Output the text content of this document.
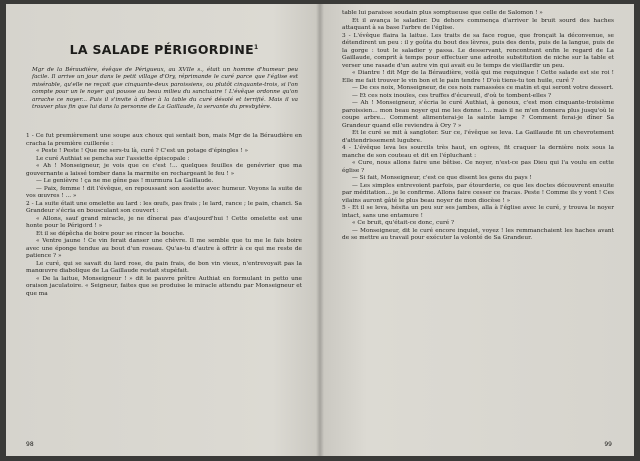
LA SALADE PÉRIGORDINE$^1$
Mgr de la Béraudière, évêque de Périgueux, au XVIIe s., était un homme d'humeur peu facile. Il arrive un jour dans le petit village d'Ory, réprimande le curé parce que l'église est misérable, qu'elle ne reçoit que cinquante-deux paroissiens, ou plutôt cinquante-trois, si l'on compte pour un le noyer qui pousse au beau milieu du sanctuaire ! L'évêque ordonne qu'on arrache ce noyer... Puis il s'invite à dîner à la table du curé désolé et terrifié. Mais il va trouver plus fin que lui dans la personne de La Gaillaude, la servante du presbytère.

1 - Ce fut premièrement une soupe aux choux qui sentait bon, mais Mgr de la Béraudière en cracha la première cuillerée :

« Peste ! Peste ! Que me sers-tu là, curé ? C'est un potage d'épingles ! »

Le curé Authiat se pencha sur l'assiette épiscopale :

« Ah ! Monseigneur, je vois que ce c'est !... quelques feuilles de genévrier que ma gouvernante a laissé tomber dans la marmite en rechargeant le feu ! »

— Le genièvre ! ça ne me gêne pas ! murmura La Gaillaude.

— Paix, femme ! dit l'évêque, en repoussant son assiette avec humeur. Voyons la suite de vos œuvres ! ... »

2 - La suite était une omelette au lard : les œufs, pas frais ; le lard, rance ; le pain, chanci. Sa Grandeur s'écria en bousculant son couvert :

« Allons, sauf grand miracle, je ne dînerai pas d'aujourd'hui ! Cette omelette est une honte pour le Périgord ! »

Et il se dépêcha de boire pour se rincer la bouche.

« Ventre jaune ! Ce vin ferait danser une chèvre. Il me semble que tu me le fais boire avec une éponge tendue au bout d'un roseau. Qu'as-tu d'autre à offrir à ce qui me reste de patience ? »

Le curé, qui se savait du lard rose, du pain frais, de bon vin vieux, n'entrevoyait pas la manœuvre diabolique de La Gaillaude restait stupéfait.

« De la laitue, Monseigneur ! » dit le pauvre prêtre Authiat en formulant in petto une oraison jaculatoire. « Seigneur, faites que se produise le miracle attendu par Monseigneur et que ma

98

table lui paraisse soudain plus somptueuse que celle de Salomon ! »

Et il avança le saladier. Du dehors commença d'arriver le bruit sourd des haches attaquant à sa base l'arbre de l'église.

3 - L'évêque flaira la laitue. Les traits de sa face rogue, que fronçait la déconvenue, se détendirent un peu : il y goûta du bout des lèvres, puis des dents, puis de la langue, puis de la gorge : tout le saladier y passa. Le desservant, rencontrant enfin le regard de La Gaillaude, comprit à temps pour effectuer une adroite substitution de niche sur la table et verser une rasade d'un autre vin qui avait eu le temps de vieillardir un peu.

« Diantre ! dit Mgr de la Béraudière, voilà qui me requinque ! Cette salade est sie roi ! Elle me fait trouver le vin bon et le pain tendre ! D'où tiens-tu ton huile, curé ?

— De ces noix, Monseigneur, de ces noix ramassées ce matin et qui seront votre dessert.

— Et ces noix inouïes, ces truffes d'écureuil, d'où te tombent-elles ?

— Ah ! Monseigneur, s'écria le curé Authiat, à genoux, c'est mon cinquante-troisième paroissien... mon beau noyer qui me les donne !... mais il ne m'en donnera plus jusqu'où le coupe arbre... Comment alimenterai-je la sainte lampe ? Comment ferai-je dîner Sa Grandeur quand elle reviendra à Ory ? »

Et le curé se mit à sangloter. Sur ce, l'évêque se leva. La Gaillaude fit un chevrotement d'attendrissement lugubre.

4 - L'évêque leva les sourcils très haut, en ogives, fit craquer la dernière noix sous la manche de son couteau et dit en l'épluchant :

« Cure, nous allons faire une bêtise. Ce noyer, n'est-ce pas Dieu qui l'a voulu en cette église ?

— Si fait, Monseigneur, c'est ce que disent les gens du pays !

— Les simples entrevoient parfois, par étourderie, ce que les doctes découvrent ensuite par méditation... je le confirme. Allons faire cesser ce fracas. Peste ! Comme ils y vont ! Ces vilains auront gâté le plus beau noyer de mon diocèse ! »

5 - Et il se leva, hésita un peu sur ses jambes, alla à l'église avec le curé, y trouva le noyer intact, sans une entamure !

« Ce bruit, qu'était-ce donc, curé ?

— Monseigneur, dit le curé encore inquiet, voyez ! les remmanchaient les haches avant de se mettre au travail pour exécuter la volonté de Sa Grandeur.

99
